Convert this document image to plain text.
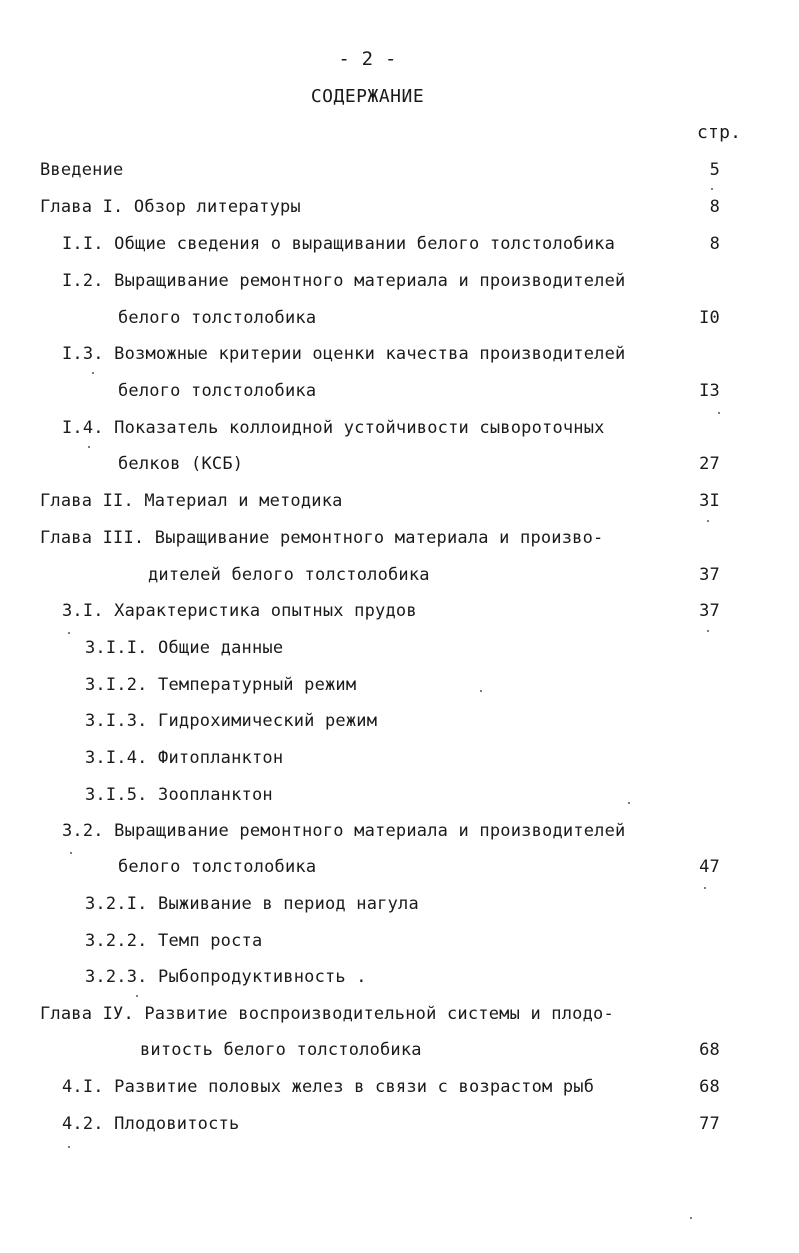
- 2 -
СОДЕРЖАНИЕ
стр.
Введение	5
Глава I. Обзор литературы	8
I.I. Общие сведения о выращивании белого толстолобика	8
I.2. Выращивание ремонтного материала и производителей
белого толстолобика	I0
I.3. Возможные критерии оценки качества производителей
белого толстолобика	I3
I.4. Показатель коллоидной устойчивости сывороточных
белков (КСБ)	27
Глава II. Материал и методика	3I
Глава III. Выращивание ремонтного материала и произво-
дителей белого толстолобика	37
3.I. Характеристика опытных прудов	37
3.I.I. Общие данные
3.I.2. Температурный режим
3.I.3. Гидрохимический режим
3.I.4. Фитопланктон
3.I.5. Зоопланктон
3.2. Выращивание ремонтного материала и производителей
белого толстолобика	47
3.2.I. Выживание в период нагула
3.2.2. Темп роста
3.2.3. Рыбопродуктивность .
Глава IУ. Развитие воспроизводительной системы и плодо-
витость белого толстолобика	68
4.I. Развитие половых желез в связи с возрастом рыб	68
4.2. Плодовитость	77
